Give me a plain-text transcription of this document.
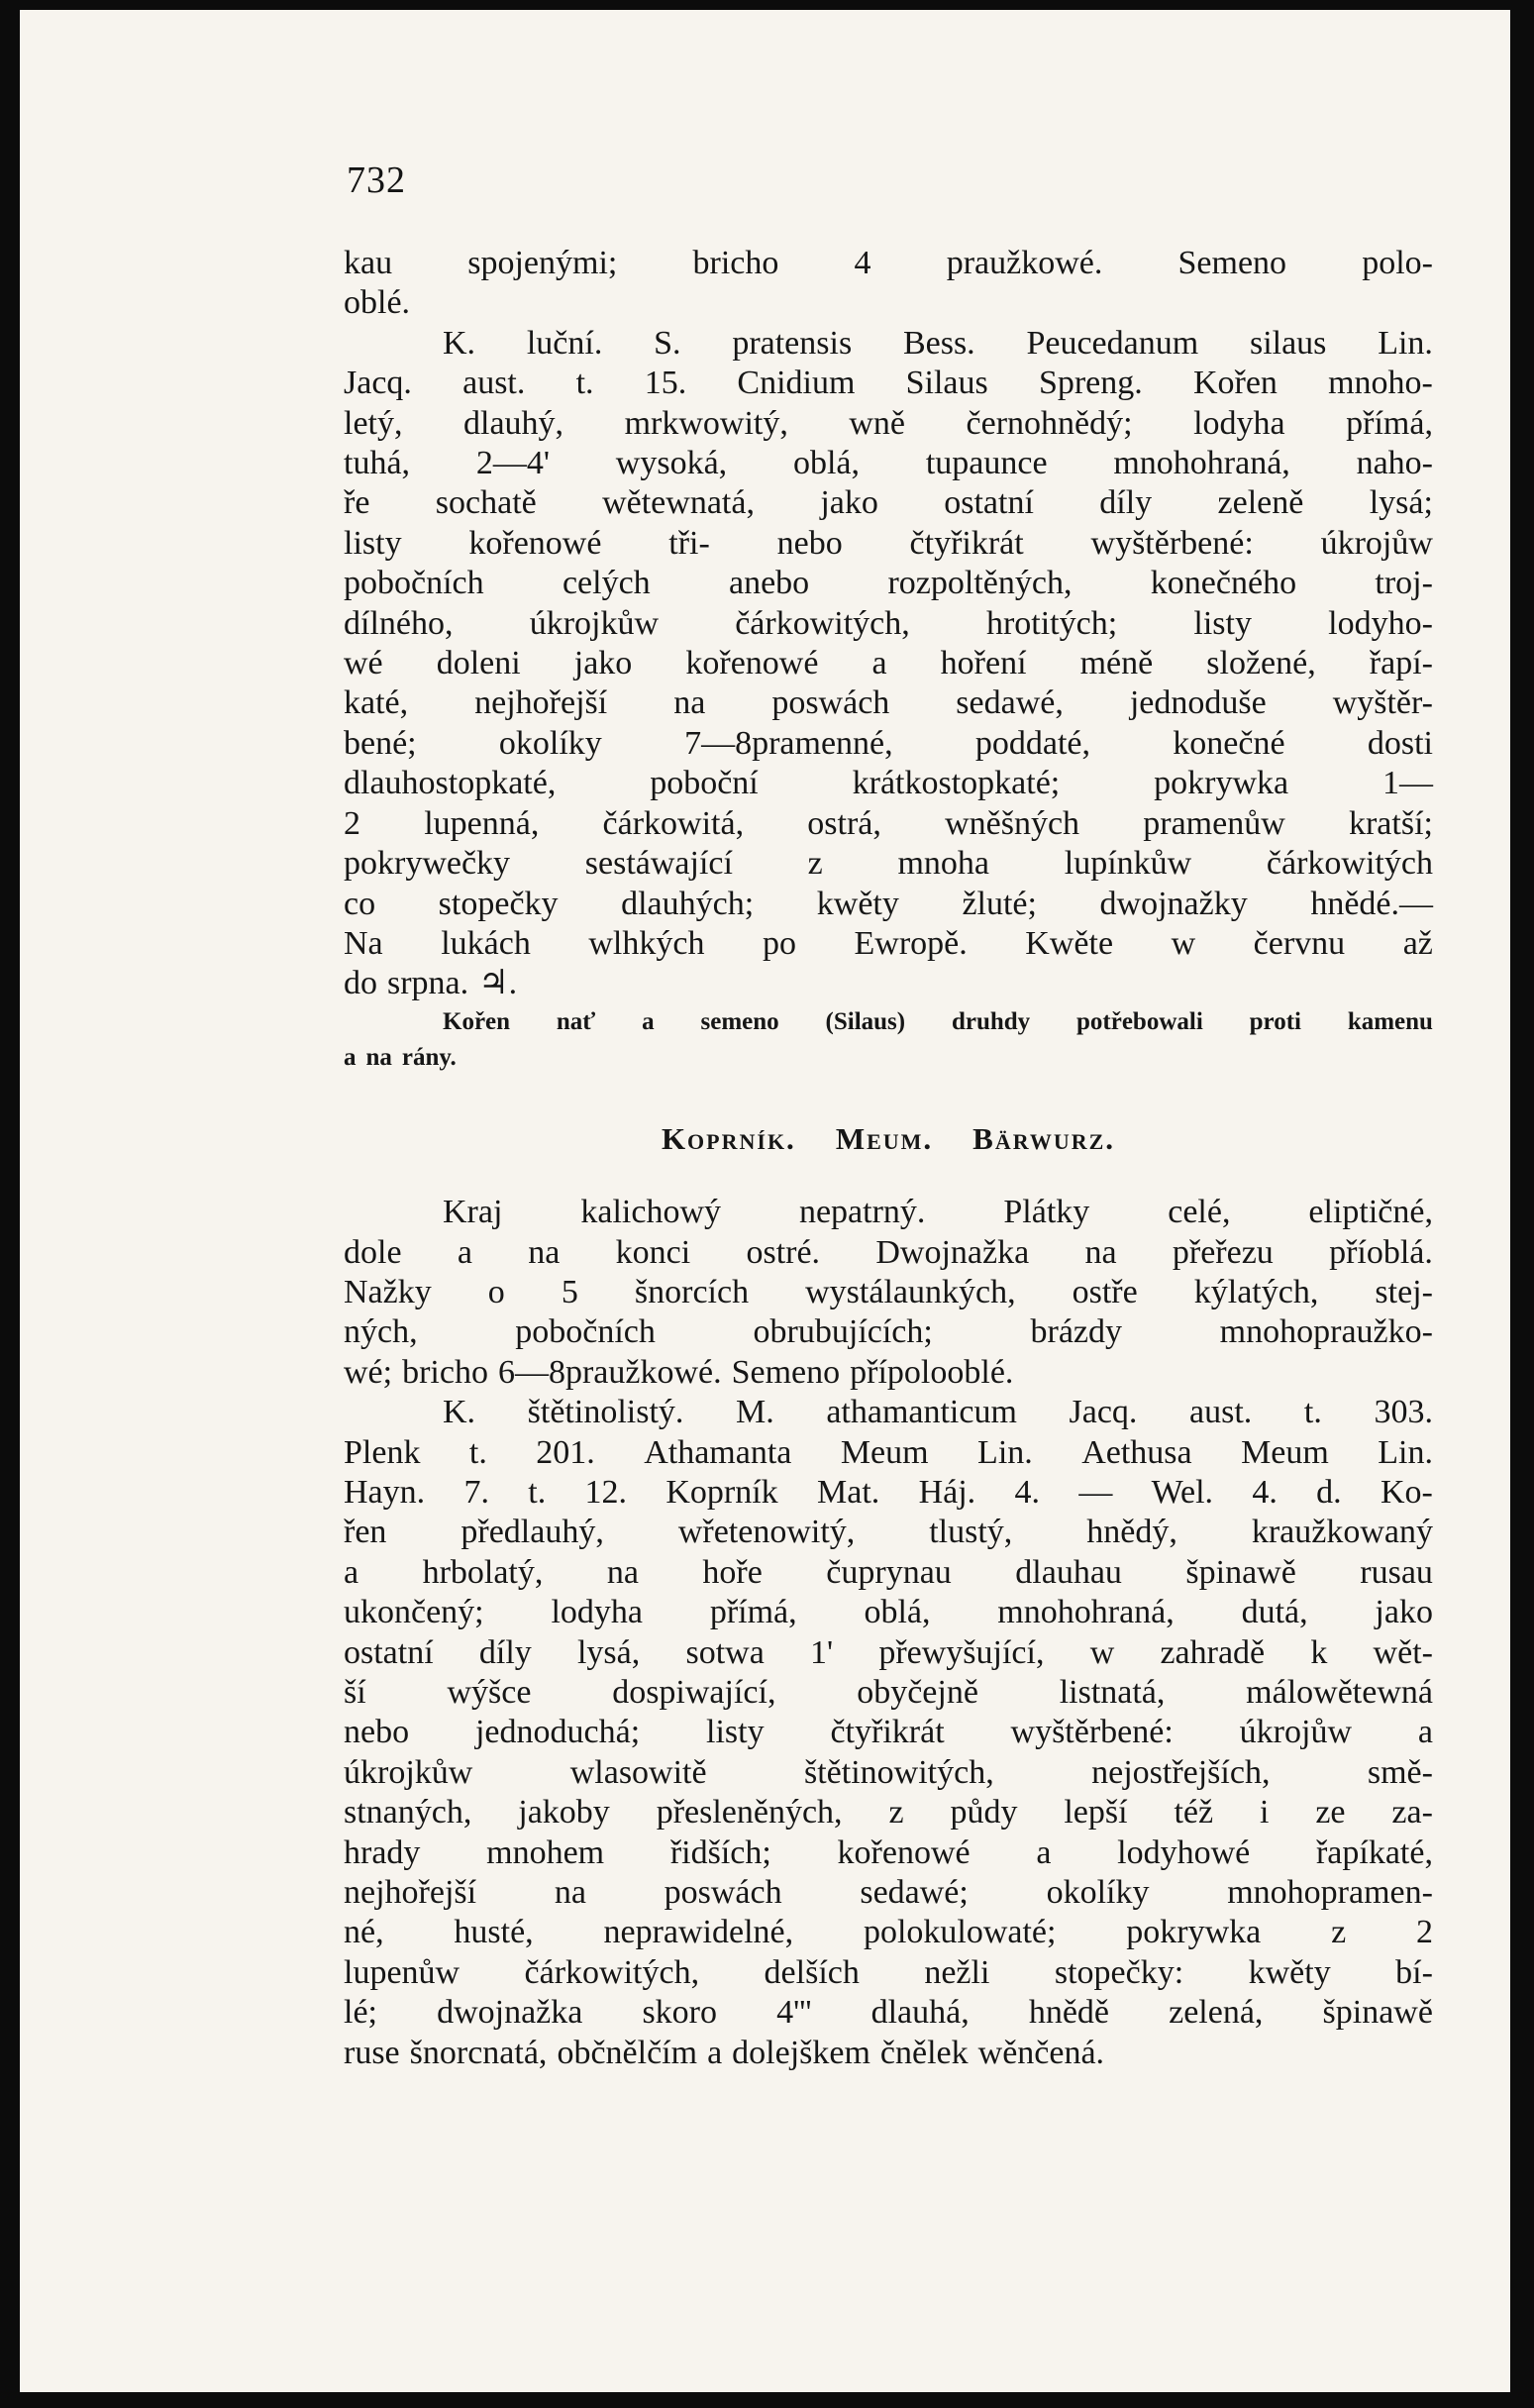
732
kau spojenými; bricho 4 praužkowé. Semeno polo-
oblé.
K. luční. S. pratensis Bess. Peucedanum silaus Lin.
Jacq. aust. t. 15. Cnidium Silaus Spreng. Kořen mnoho-
letý, dlauhý, mrkwowitý, wně černohnědý; lodyha přímá,
tuhá, 2—4' wysoká, oblá, tupaunce mnohohraná, naho-
ře sochatě wětewnatá, jako ostatní díly zeleně lysá;
listy kořenowé tři- nebo čtyřikrát wyštěrbené: úkrojůw
pobočních celých anebo rozpoltěných, konečného troj-
dílného, úkrojkůw čárkowitých, hrotitých; listy lodyho-
wé doleni jako kořenowé a hoření méně složené, řapí-
katé, nejhořejší na poswách sedawé, jednoduše wyštěr-
bené; okolíky 7—8pramenné, poddaté, konečné dosti
dlauhostopkaté,	poboční	krátkostopkaté;	pokrywka	1—
2 lupenná, čárkowitá, ostrá, wněšných pramenůw kratší;
pokrywečky sestáwající z mnoha lupínkůw čárkowitých
co stopečky dlauhých; kwěty žluté; dwojnažky hnědé.—
Na lukách wlhkých po Ewropě. Kwěte w červnu až
do srpna. ♃.
Kořen nať a semeno (Silaus) druhdy potřebowali proti kamenu
a na rány.
Koprník. Meum. Bärwurz.
Kraj kalichowý nepatrný. Plátky celé, eliptičné,
dole a na konci ostré. Dwojnažka na přeřezu příoblá.
Nažky o 5 šnorcích wystálaunkých, ostře kýlatých, stej-
ných,	pobočních	obrubujících;	brázdy	mnohopraužko-
wé; bricho 6—8praužkowé. Semeno přípolooblé.
K. štětinolistý. M. athamanticum Jacq. aust. t. 303.
Plenk t. 201. Athamanta Meum Lin. Aethusa Meum Lin.
Hayn. 7. t. 12. Koprník Mat. Háj. 4. — Wel. 4. d. Ko-
řen předlauhý, wřetenowitý, tlustý, hnědý, kraužkowaný
a hrbolatý, na hoře čuprynau dlauhau špinawě rusau
ukončený; lodyha přímá, oblá, mnohohraná, dutá, jako
ostatní díly lysá, sotwa 1' přewyšující, w zahradě k wět-
ší wýšce dospiwající, obyčejně listnatá, málowětewná
nebo jednoduchá; listy čtyřikrát wyštěrbené: úkrojůw a
úkrojkůw	wlasowitě	štětinowitých,	nejostřejších,	smě-
stnaných, jakoby přesleněných, z půdy lepší též i ze za-
hrady mnohem řidších; kořenowé a lodyhowé řapíkaté,
nejhořejší na poswách sedawé; okolíky mnohopramen-
né, husté, neprawidelné, polokulowaté; pokrywka z 2
lupenůw čárkowitých, delších nežli stopečky: kwěty bí-
lé; dwojnažka skoro 4''' dlauhá, hnědě zelená, špinawě
ruse šnorcnatá, občnělčím a dolejškem čnělek wěnčená.
